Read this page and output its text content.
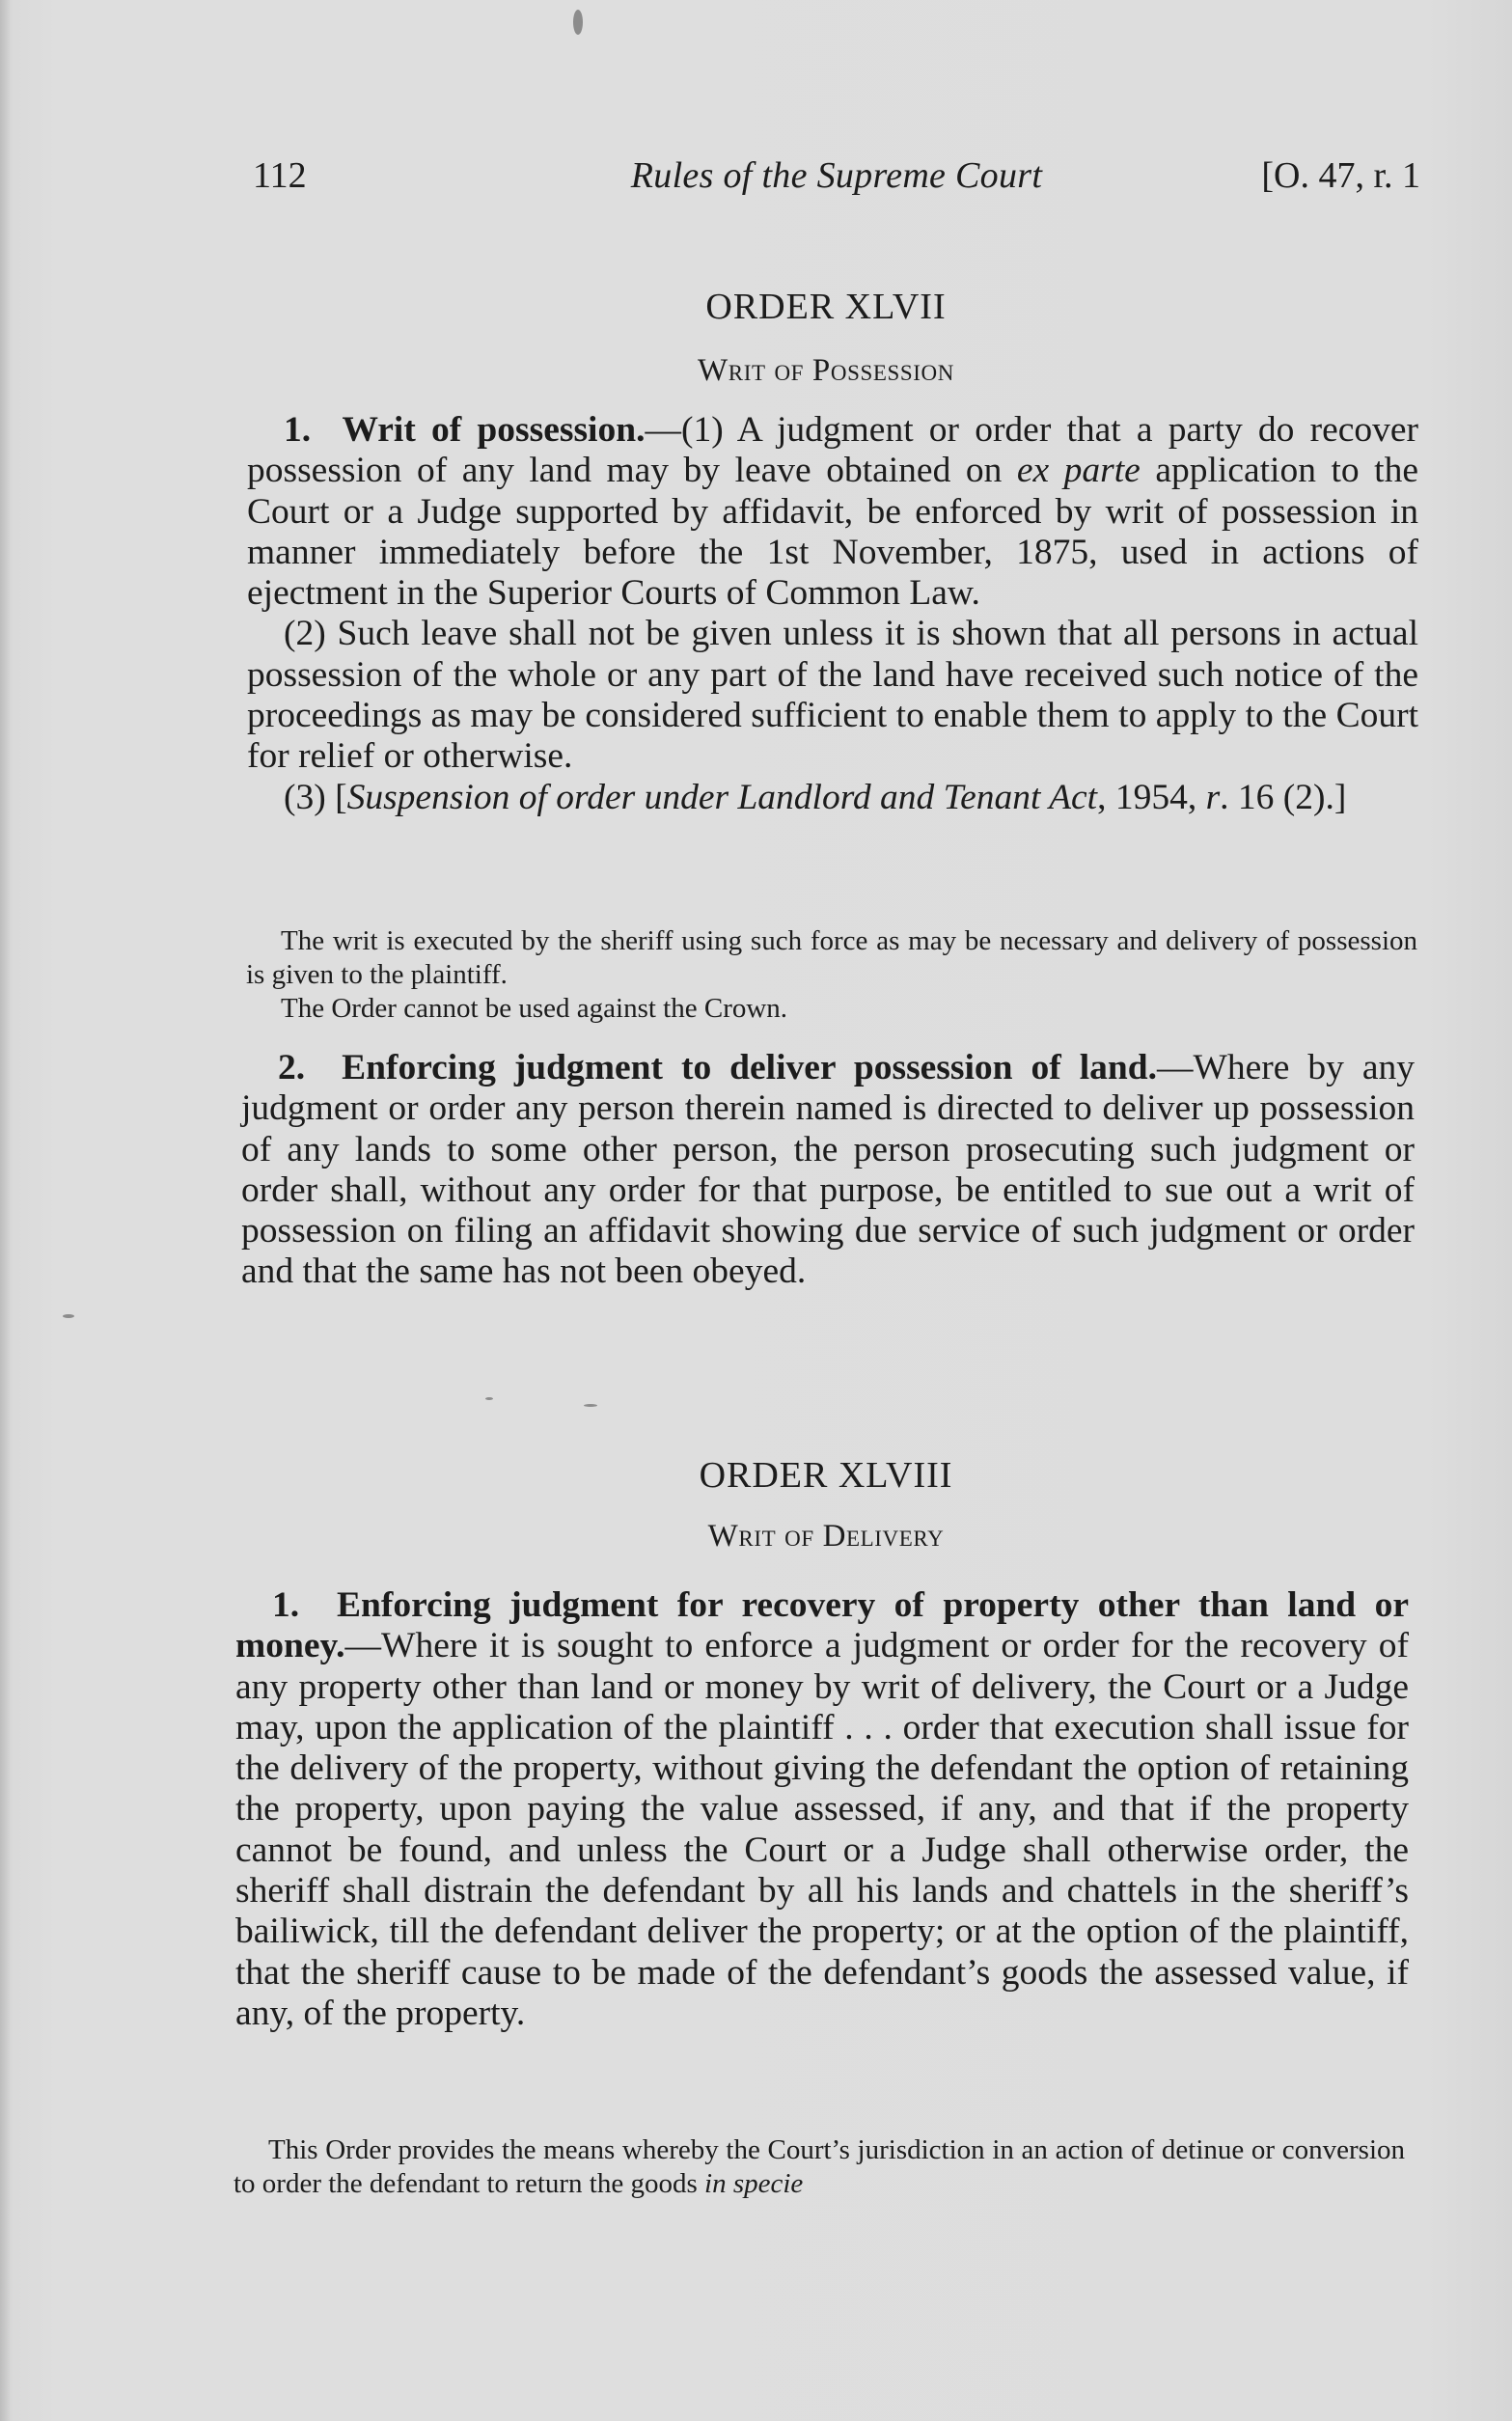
112	Rules of the Supreme Court	[O. 47, r. 1
ORDER XLVII
Writ of Possession

1. Writ of possession.—(1) A judgment or order that a party do recover possession of any land may by leave obtained on ex parte application to the Court or a Judge supported by affidavit, be enforced by writ of possession in manner immediately before the 1st November, 1875, used in actions of ejectment in the Superior Courts of Common Law.

(2) Such leave shall not be given unless it is shown that all persons in actual possession of the whole or any part of the land have received such notice of the proceedings as may be considered sufficient to enable them to apply to the Court for relief or otherwise.

(3) [Suspension of order under Landlord and Tenant Act, 1954, r. 16 (2).]

The writ is executed by the sheriff using such force as may be necessary and delivery of possession is given to the plaintiff.

The Order cannot be used against the Crown.

2. Enforcing judgment to deliver possession of land.—Where by any judgment or order any person therein named is directed to deliver up possession of any lands to some other person, the person prosecuting such judgment or order shall, without any order for that purpose, be entitled to sue out a writ of possession on filing an affidavit showing due service of such judgment or order and that the same has not been obeyed.

ORDER XLVIII
Writ of Delivery

1. Enforcing judgment for recovery of property other than land or money.—Where it is sought to enforce a judgment or order for the recovery of any property other than land or money by writ of delivery, the Court or a Judge may, upon the application of the plaintiff . . . order that execution shall issue for the delivery of the property, without giving the defendant the option of retaining the property, upon paying the value assessed, if any, and that if the property cannot be found, and unless the Court or a Judge shall otherwise order, the sheriff shall distrain the defendant by all his lands and chattels in the sheriff’s bailiwick, till the defendant deliver the property; or at the option of the plaintiff, that the sheriff cause to be made of the defendant’s goods the assessed value, if any, of the property.

This Order provides the means whereby the Court’s jurisdiction in an action of detinue or conversion to order the defendant to return the goods in specie
